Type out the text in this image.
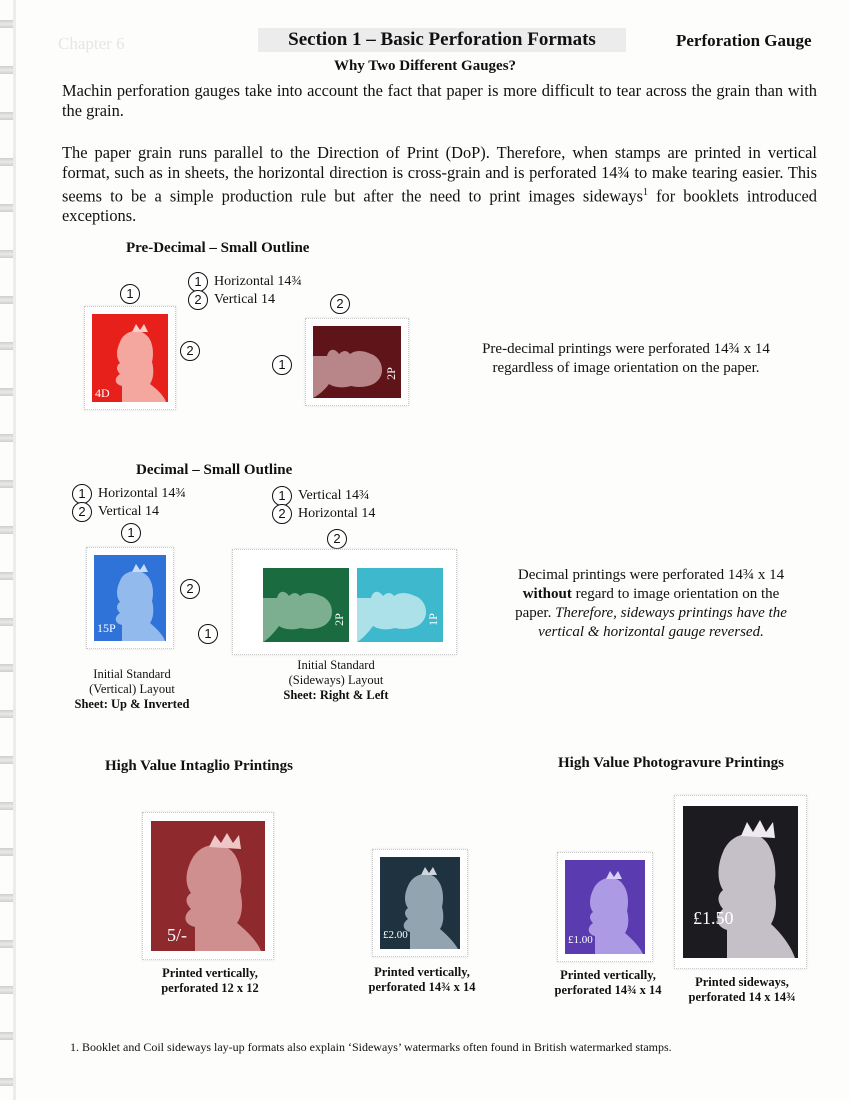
Chapter 6	Section 1 – Basic Perforation Formats	Perforation Gauge
Why Two Different Gauges?
Machin perforation gauges take into account the fact that paper is more difficult to tear across the grain than with the grain.
The paper grain runs parallel to the Direction of Print (DoP). Therefore, when stamps are printed in vertical format, such as in sheets, the horizontal direction is cross-grain and is perforated 14¾ to make tearing easier. This seems to be a simple production rule but after the need to print images sideways$^1$ for booklets introduced exceptions.
Pre-Decimal – Small Outline
1 Horizontal 14¾
2 Vertical 14
1
2
2
1
4D
2P
Pre-decimal printings were perforated 14¾ x 14
regardless of image orientation on the paper.
Decimal – Small Outline
1 Horizontal 14¾
2 Vertical 14
1 Vertical 14¾
2 Horizontal 14
1
2
1
2
15P
2P	1P
Initial Standard
(Vertical) Layout
Sheet: Up & Inverted
Initial Standard
(Sideways) Layout
Sheet: Right & Left
Decimal printings were perforated 14¾ x 14
without regard to image orientation on the
paper. Therefore, sideways printings have the
vertical & horizontal gauge reversed.
High Value Intaglio Printings	High Value Photogravure Printings
5/-	£2.00	£1.00
£1.50
Printed vertically,
perforated 12 x 12
Printed vertically,
perforated 14¾ x 14
Printed vertically,
perforated 14¾ x 14
Printed sideways,
perforated 14 x 14¾
1. Booklet and Coil sideways lay-up formats also explain ‘Sideways’ watermarks often found in British watermarked stamps.
